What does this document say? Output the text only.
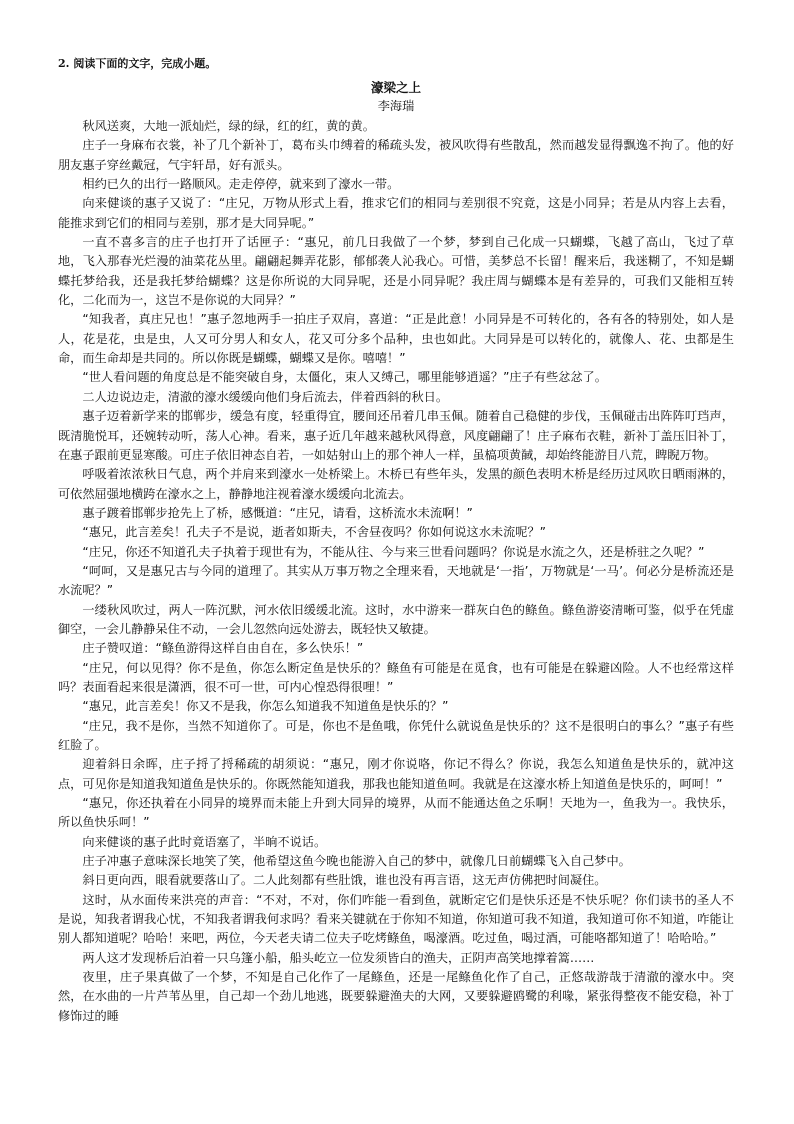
2. 阅读下面的文字，完成小题。
濠梁之上
李海瑞

秋风送爽，大地一派灿烂，绿的绿，红的红，黄的黄。

庄子一身麻布衣裳，补了几个新补丁，葛布头巾缚着的稀疏头发，被风吹得有些散乱，然而越发显得飘逸不拘了。他的好朋友惠子穿丝戴冠，气宇轩昂，好有派头。

相约已久的出行一路顺风。走走停停，就来到了濠水一带。

向来健谈的惠子又说了：“庄兄，万物从形式上看，推求它们的相同与差别很不究竟，这是小同异；若是从内容上去看，能推求到它们的相同与差别，那才是大同异呢。”

一直不喜多言的庄子也打开了话匣子：“惠兄，前几日我做了一个梦，梦到自己化成一只蝴蝶，飞越了高山，飞过了草地，飞入那春光烂漫的油菜花丛里。翩翩起舞弄花影，郁郁袭人沁我心。可惜，美梦总不长留！醒来后，我迷糊了，不知是蝴蝶托梦给我，还是我托梦给蝴蝶？这是你所说的大同异呢，还是小同异呢？我庄周与蝴蝶本是有差异的，可我们又能相互转化，二化而为一，这岂不是你说的大同异？”

“知我者，真庄兄也！”惠子忽地两手一拍庄子双肩，喜道：“正是此意！小同异是不可转化的，各有各的特别处，如人是人，花是花，虫是虫，人又可分男人和女人，花又可分多个品种，虫也如此。大同异是可以转化的，就像人、花、虫都是生命，而生命却是共同的。所以你既是蝴蝶，蝴蝶又是你。嘻嘻！”

“世人看问题的角度总是不能突破自身，太僵化，束人又缚己，哪里能够逍遥？”庄子有些忿忿了。

二人边说边走，清澈的濠水缓缓向他们身后流去，伴着西斜的秋日。

惠子迈着新学来的邯郸步，缓急有度，轻重得宜，腰间还吊着几串玉佩。随着自己稳健的步伐，玉佩碰击出阵阵叮珰声，既清脆悦耳，还婉转动听，荡人心神。看来，惠子近几年越来越秋风得意，风度翩翩了！庄子麻布衣鞋，新补丁盖压旧补丁，在惠子跟前更显寒酸。可庄子依旧神态自若，一如姑射山上的那个神人一样，虽槁项黄馘，却始终能游目八荒，睥睨万物。

呼吸着浓浓秋日气息，两个并肩来到濠水一处桥梁上。木桥已有些年头，发黑的颜色表明木桥是经历过风吹日晒雨淋的，可依然屈强地横跨在濠水之上，静静地注视着濠水缓缓向北流去。

惠子踱着邯郸步抢先上了桥，感慨道：“庄兄，请看，这桥流水未流啊！”

“惠兄，此言差矣！孔夫子不是说，逝者如斯夫，不舍昼夜吗？你如何说这水未流呢？”

“庄兄，你还不知道孔夫子执着于现世有为，不能从往、今与来三世看问题吗？你说是水流之久，还是桥驻之久呢？”

“呵呵，又是惠兄古与今同的道理了。其实从万事万物之全理来看，天地就是‘一指’，万物就是‘一马’。何必分是桥流还是水流呢？”

一缕秋风吹过，两人一阵沉默，河水依旧缓缓北流。这时，水中游来一群灰白色的鲦鱼。鲦鱼游姿清晰可鉴，似乎在凭虚御空，一会儿静静呆住不动，一会儿忽然向远处游去，既轻快又敏捷。

庄子赞叹道：“鲦鱼游得这样自由自在，多么快乐！”

“庄兄，何以见得？你不是鱼，你怎么断定鱼是快乐的？鲦鱼有可能是在觅食，也有可能是在躲避凶险。人不也经常这样吗？表面看起来很是潇洒，很不可一世，可内心惶恐得很哩！”

“惠兄，此言差矣！你又不是我，你怎么知道我不知道鱼是快乐的？”

“庄兄，我不是你，当然不知道你了。可是，你也不是鱼哦，你凭什么就说鱼是快乐的？这不是很明白的事么？”惠子有些红脸了。

迎着斜日余晖，庄子捋了捋稀疏的胡须说：“惠兄，刚才你说咯，你记不得么？你说，我怎么知道鱼是快乐的，就冲这点，可见你是知道我知道鱼是快乐的。你既然能知道我，那我也能知道鱼呵。我就是在这濠水桥上知道鱼是快乐的，呵呵！”

“惠兄，你还执着在小同异的境界而未能上升到大同异的境界，从而不能通达鱼之乐啊！天地为一，鱼我为一。我快乐，所以鱼快乐呵！”

向来健谈的惠子此时竟语塞了，半晌不说话。

庄子冲惠子意味深长地笑了笑，他希望这鱼今晚也能游入自己的梦中，就像几日前蝴蝶飞入自己梦中。

斜日更向西，眼看就要落山了。二人此刻都有些肚饿，谁也没有再言语，这无声仿佛把时间凝住。

这时，从水面传来洪亮的声音：“不对，不对，你们咋能一看到鱼，就断定它们是快乐还是不快乐呢？你们读书的圣人不是说，知我者谓我心忧，不知我者谓我何求吗？看来关键就在于你知不知道，你知道可我不知道，我知道可你不知道，咋能让别人都知道呢？哈哈！来吧，两位，今天老夫请二位夫子吃烤鲦鱼，喝濠酒。吃过鱼，喝过酒，可能咯都知道了！哈哈哈。”

两人这才发现桥后泊着一只乌篷小船，船头屹立一位发须皆白的渔夫，正阴声高笑地撑着篙……

夜里，庄子果真做了一个梦，不知是自己化作了一尾鲦鱼，还是一尾鲦鱼化作了自己，正悠哉游哉于清澈的濠水中。突然，在水曲的一片芦苇丛里，自己却一个劲儿地逃，既要躲避渔夫的大网，又要躲避鸥鹭的利喙，紧张得整夜不能安稳，补丁修饰过的睡
